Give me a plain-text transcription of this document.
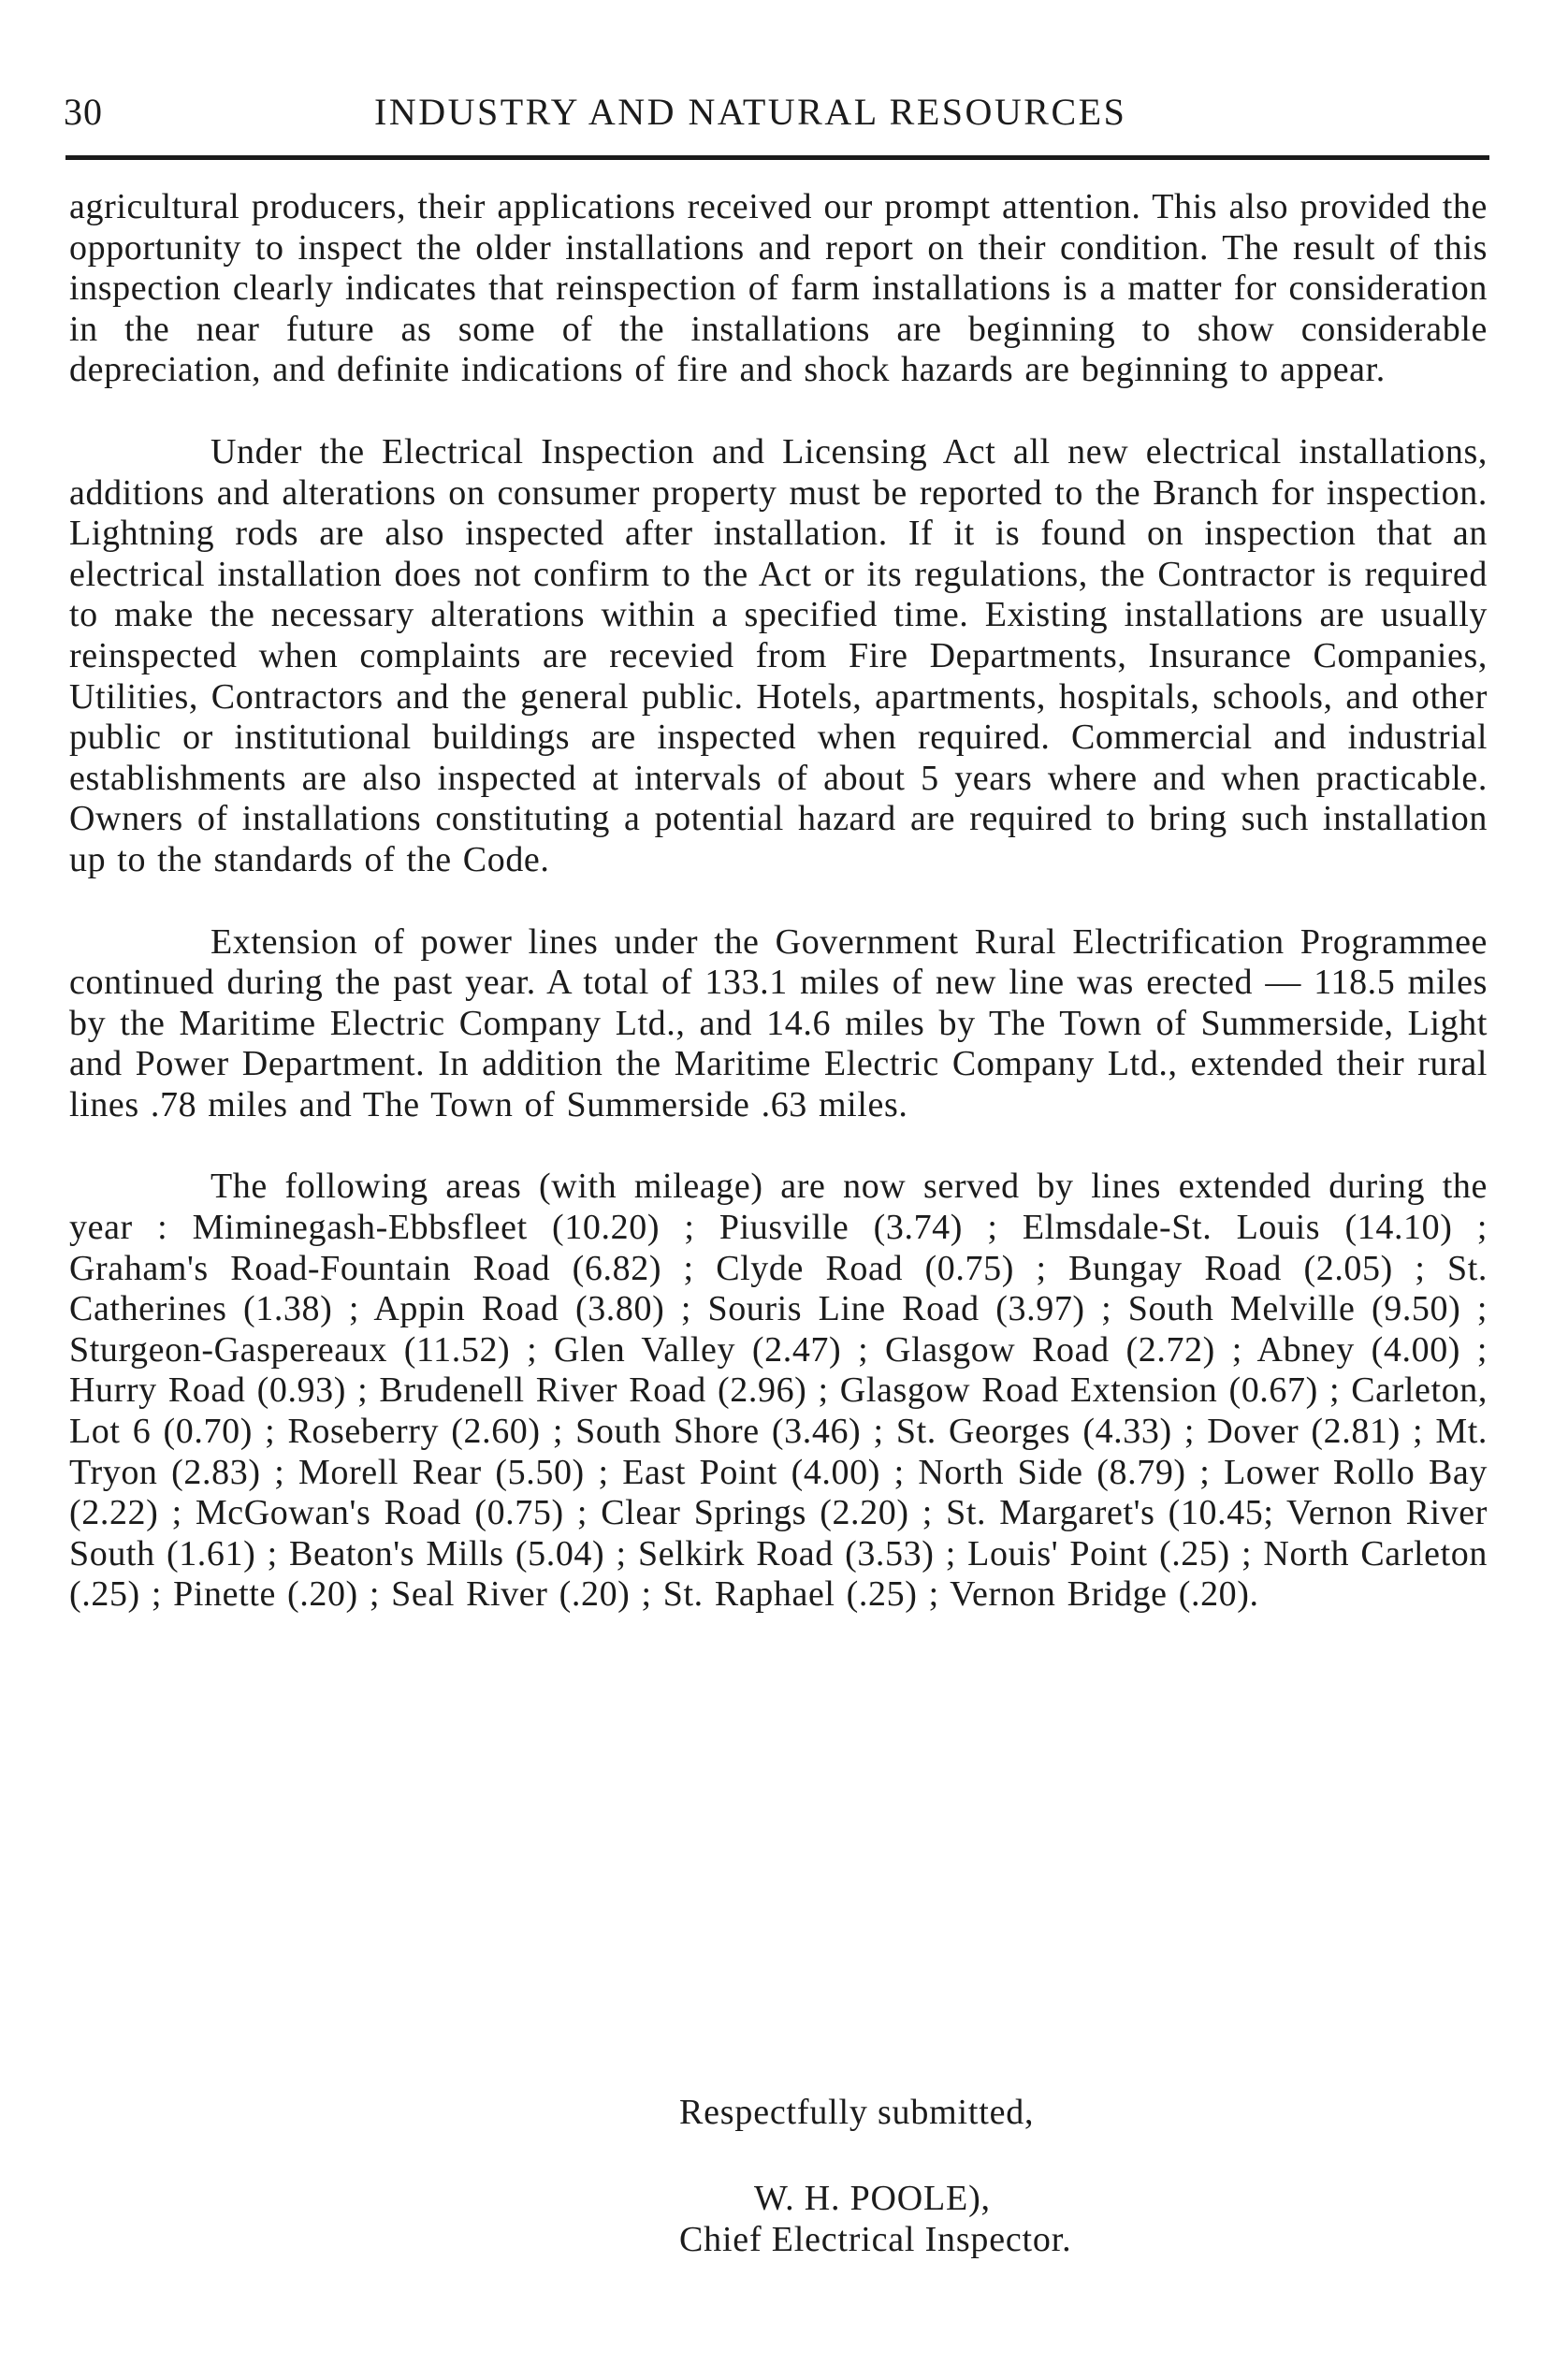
30	INDUSTRY AND NATURAL RESOURCES

agricultural producers, their applications received our prompt attention. This also provided the opportunity to inspect the older installations and report on their condition. The result of this inspection clearly indicates that reinspection of farm installations is a matter for consideration in the near future as some of the installations are beginning to show considerable depreciation, and definite indications of fire and shock hazards are beginning to appear.

Under the Electrical Inspection and Licensing Act all new electrical installations, additions and alterations on consumer property must be reported to the Branch for inspection. Lightning rods are also inspected after installation. If it is found on inspection that an electrical installation does not confirm to the Act or its regulations, the Contractor is required to make the necessary alterations within a specified time. Existing installations are usually reinspected when complaints are recevied from Fire Departments, Insurance Companies, Utilities, Contractors and the general public. Hotels, apartments, hospitals, schools, and other public or institutional buildings are inspected when required. Commercial and industrial establishments are also inspected at intervals of about 5 years where and when practicable. Owners of installations constituting a potential hazard are required to bring such installation up to the standards of the Code.

Extension of power lines under the Government Rural Electrification Programmee continued during the past year. A total of 133.1 miles of new line was erected — 118.5 miles by the Maritime Electric Company Ltd., and 14.6 miles by The Town of Summerside, Light and Power Department. In addition the Maritime Electric Company Ltd., extended their rural lines .78 miles and The Town of Summerside .63 miles.

The following areas (with mileage) are now served by lines extended during the year : Miminegash-Ebbsfleet (10.20) ; Piusville (3.74) ; Elmsdale-St. Louis (14.10) ; Graham's Road-Fountain Road (6.82) ; Clyde Road (0.75) ; Bungay Road (2.05) ; St. Catherines (1.38) ; Appin Road (3.80) ; Souris Line Road (3.97) ; South Melville (9.50) ; Sturgeon-Gaspereaux (11.52) ; Glen Valley (2.47) ; Glasgow Road (2.72) ; Abney (4.00) ; Hurry Road (0.93) ; Brudenell River Road (2.96) ; Glasgow Road Extension (0.67) ; Carleton, Lot 6 (0.70) ; Roseberry (2.60) ; South Shore (3.46) ; St. Georges (4.33) ; Dover (2.81) ; Mt. Tryon (2.83) ; Morell Rear (5.50) ; East Point (4.00) ; North Side (8.79) ; Lower Rollo Bay (2.22) ; McGowan's Road (0.75) ; Clear Springs (2.20) ; St. Margaret's (10.45; Vernon River South (1.61) ; Beaton's Mills (5.04) ; Selkirk Road (3.53) ; Louis' Point (.25) ; North Carleton (.25) ; Pinette (.20) ; Seal River (.20) ; St. Raphael (.25) ; Vernon Bridge (.20).

Respectfully submitted,
W. H. POOLE),
Chief Electrical Inspector.
